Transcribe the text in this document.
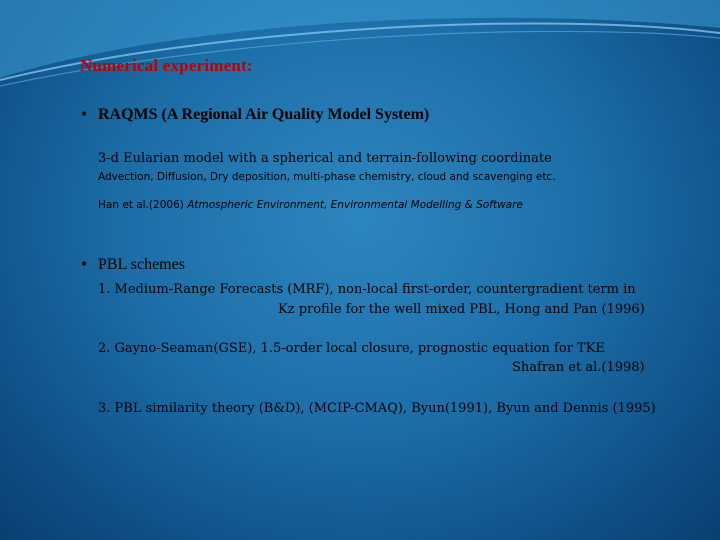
Numerical experiment:
• RAQMS (A Regional Air Quality Model System)
3-d Eularian model with a spherical and terrain-following coordinate
Advection, Diffusion, Dry deposition, multi-phase chemistry, cloud and scavenging etc.
Han et al.(2006) Atmospheric Environment, Environmental Modelling & Software
• PBL schemes
1. Medium-Range Forecasts (MRF), non-local first-order, countergradient term in
Kz profile for the well mixed PBL, Hong and Pan (1996)
2. Gayno-Seaman(GSE), 1.5-order local closure, prognostic equation for TKE
Shafran et al.(1998)
3. PBL similarity theory (B&D), (MCIP-CMAQ), Byun(1991), Byun and Dennis (1995)
